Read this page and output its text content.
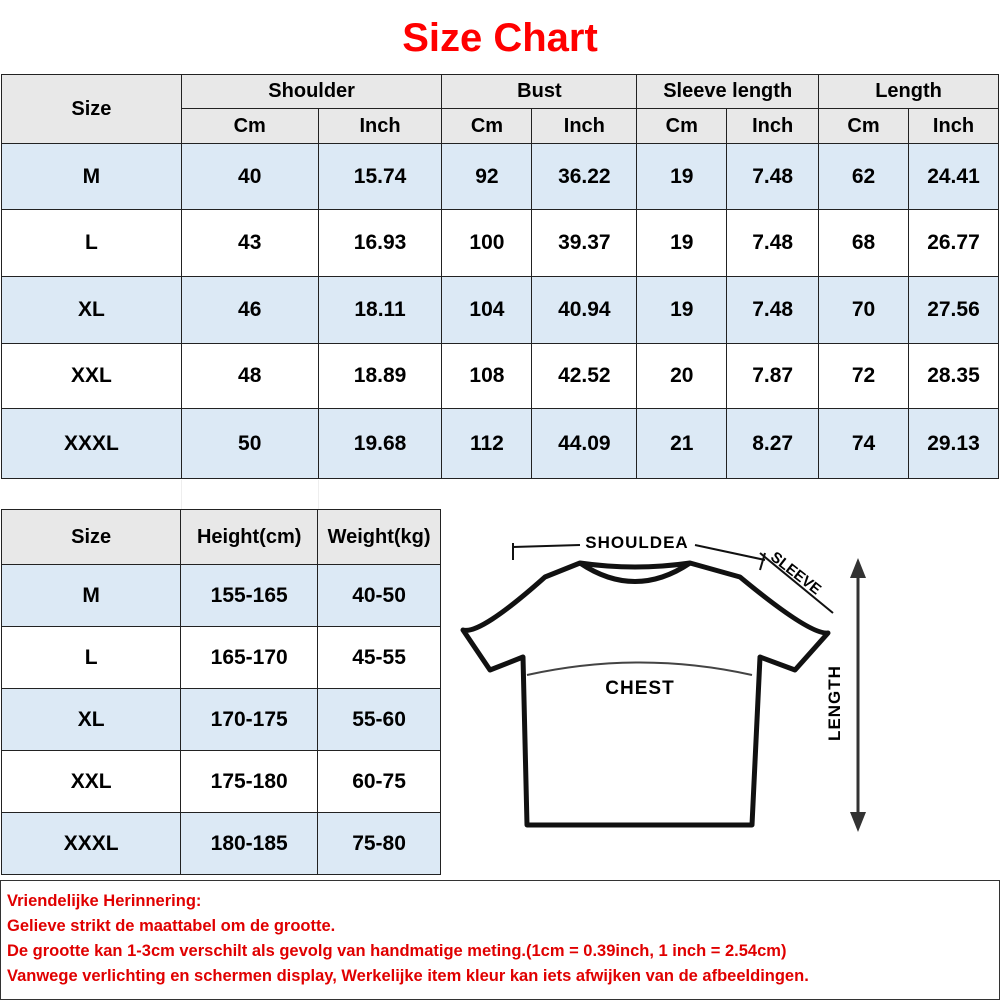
Size Chart
Size	Shoulder		Bust		Sleeve length		Length	
	Cm	Inch	Cm	Inch	Cm	Inch	Cm	Inch
M	40	15.74	92	36.22	19	7.48	62	24.41
L	43	16.93	100	39.37	19	7.48	68	26.77
XL	46	18.11	104	40.94	19	7.48	70	27.56
XXL	48	18.89	108	42.52	20	7.87	72	28.35
XXXL	50	19.68	112	44.09	21	8.27	74	29.13
Size	Height(cm)	Weight(kg)
M	155-165	40-50
L	165-170	45-55
XL	170-175	55-60
XXL	175-180	60-75
XXXL	180-185	75-80
SHOULDEA
SLEEVE
CHEST	LENGTH
Vriendelijke Herinnering:
Gelieve strikt de maattabel om de grootte.
De grootte kan 1-3cm verschilt als gevolg van handmatige meting.(1cm = 0.39inch, 1 inch = 2.54cm)
Vanwege verlichting en schermen display, Werkelijke item kleur kan iets afwijken van de afbeeldingen.
